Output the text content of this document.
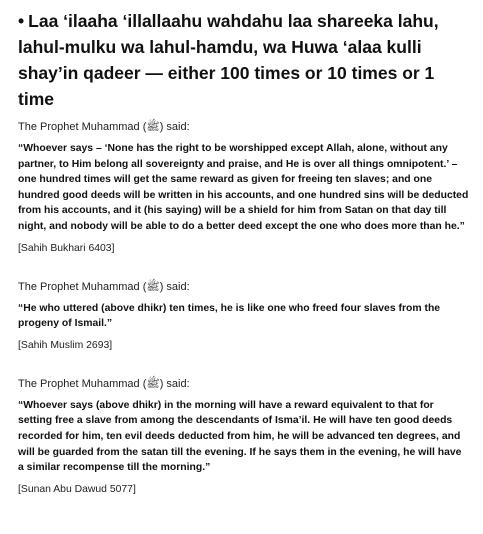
• Laa ‘ilaaha ‘illallaahu wahdahu laa shareeka lahu, lahul-mulku wa lahul-hamdu, wa Huwa ‘alaa kulli shay’in qadeer — either 100 times or 10 times or 1 time

The Prophet Muhammad (ﷺ) said:

“Whoever says – ‘None has the right to be worshipped except Allah, alone, without any partner, to Him belong all sovereignty and praise, and He is over all things omnipotent.’ – one hundred times will get the same reward as given for freeing ten slaves; and one hundred good deeds will be written in his accounts, and one hundred sins will be deducted from his accounts, and it (his saying) will be a shield for him from Satan on that day till night, and nobody will be able to do a better deed except the one who does more than he.”

[Sahih Bukhari 6403]

The Prophet Muhammad (ﷺ) said:

“He who uttered (above dhikr) ten times, he is like one who freed four slaves from the progeny of Ismail.”

[Sahih Muslim 2693]

The Prophet Muhammad (ﷺ) said:

“Whoever says (above dhikr) in the morning will have a reward equivalent to that for setting free a slave from among the descendants of Isma’il. He will have ten good deeds recorded for him, ten evil deeds deducted from him, he will be advanced ten degrees, and will be guarded from the satan till the evening. If he says them in the evening, he will have a similar recompense till the morning.”

[Sunan Abu Dawud 5077]
